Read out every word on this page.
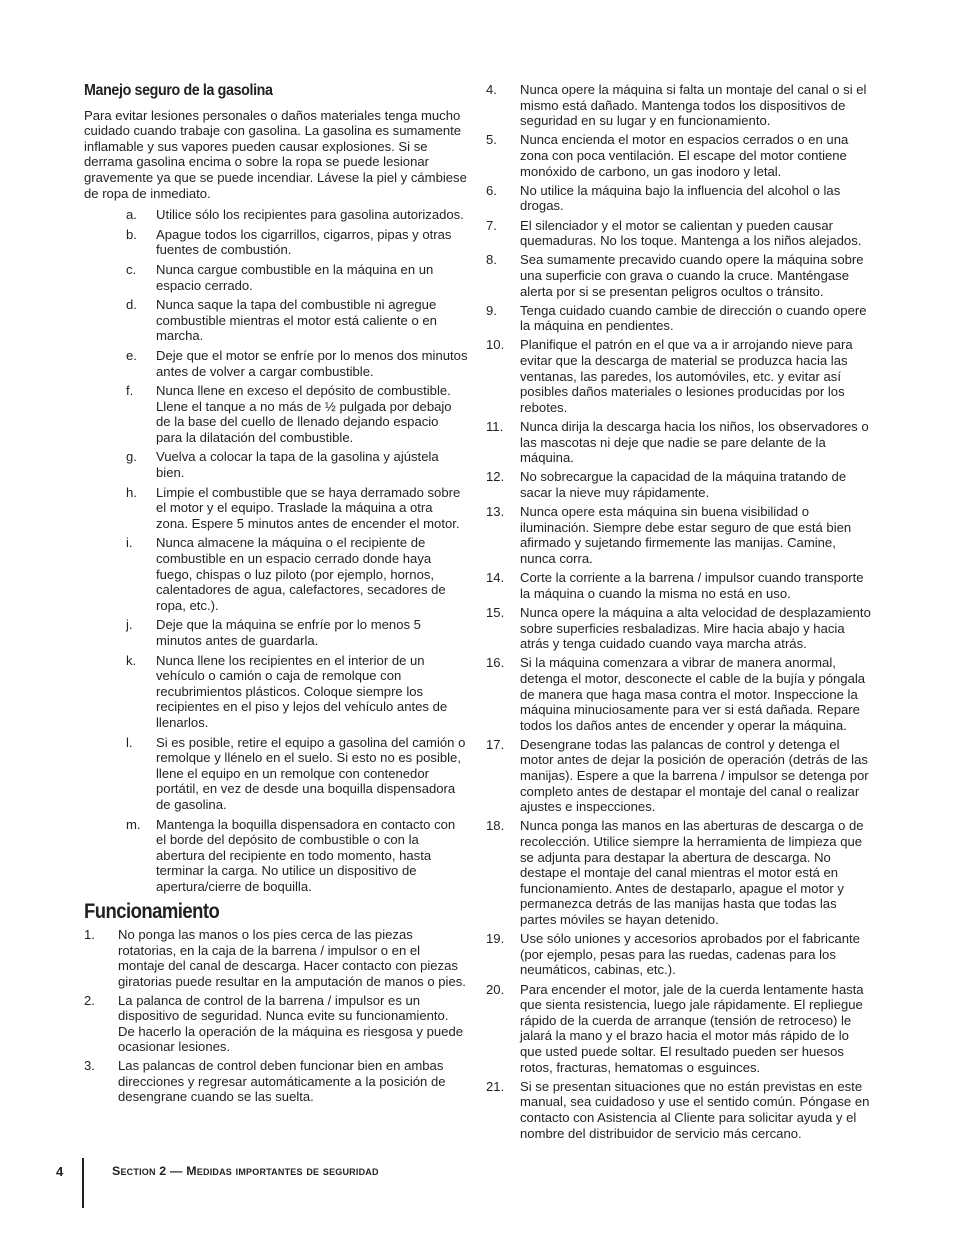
Manejo seguro de la gasolina

Para evitar lesiones personales o daños materiales tenga mucho cuidado cuando trabaje con gasolina. La gasolina es sumamente inflamable y sus vapores pueden causar explosiones. Si se derrama gasolina encima o sobre la ropa se puede lesionar gravemente ya que se puede incendiar. Lávese la piel y cámbiese de ropa de inmediato.

a.	Utilice sólo los recipientes para gasolina autorizados.
b.	Apague todos los cigarrillos, cigarros, pipas y otras fuentes de combustión.
c.	Nunca cargue combustible en la máquina en un espacio cerrado.
d.	Nunca saque la tapa del combustible ni agregue combustible mientras el motor está caliente o en marcha.
e.	Deje que el motor se enfríe por lo menos dos minutos antes de volver a cargar combustible.
f.	Nunca llene en exceso el depósito de combustible. Llene el tanque a no más de ½ pulgada por debajo de la base del cuello de llenado dejando espacio para la dilatación del combustible.
g.	Vuelva a colocar la tapa de la gasolina y ajústela bien.
h.	Limpie el combustible que se haya derramado sobre el motor y el equipo. Traslade la máquina a otra zona. Espere 5 minutos antes de encender el motor.
i.	Nunca almacene la máquina o el recipiente de combustible en un espacio cerrado donde haya fuego, chispas o luz piloto (por ejemplo, hornos, calentadores de agua, calefactores, secadores de ropa, etc.).
j.	Deje que la máquina se enfríe por lo menos 5 minutos antes de guardarla.
k.	Nunca llene los recipientes en el interior de un vehículo o camión o caja de remolque con recubrimientos plásticos. Coloque siempre los recipientes en el piso y lejos del vehículo antes de llenarlos.
l.	Si es posible, retire el equipo a gasolina del camión o remolque y llénelo en el suelo. Si esto no es posible, llene el equipo en un remolque con contenedor portátil, en vez de desde una boquilla dispensadora de gasolina.
m.	Mantenga la boquilla dispensadora en contacto con el borde del depósito de combustible o con la abertura del recipiente en todo momento, hasta terminar la carga. No utilice un dispositivo de apertura/cierre de boquilla.
Funcionamiento
1.	No ponga las manos o los pies cerca de las piezas rotatorias, en la caja de la barrena / impulsor o en el montaje del canal de descarga. Hacer contacto con piezas giratorias puede resultar en la amputación de manos o pies.
2.	La palanca de control de la barrena / impulsor es un dispositivo de seguridad. Nunca evite su funcionamiento. De hacerlo la operación de la máquina es riesgosa y puede ocasionar lesiones.
3.	Las palancas de control deben funcionar bien en ambas direcciones y regresar automáticamente a la posición de desengrane cuando se las suelta.
4.	Nunca opere la máquina si falta un montaje del canal o si el mismo está dañado. Mantenga todos los dispositivos de seguridad en su lugar y en funcionamiento.
5.	Nunca encienda el motor en espacios cerrados o en una zona con poca ventilación. El escape del motor contiene monóxido de carbono, un gas inodoro y letal.
6.	No utilice la máquina bajo la influencia del alcohol o las drogas.
7.	El silenciador y el motor se calientan y pueden causar quemaduras. No los toque. Mantenga a los niños alejados.
8.	Sea sumamente precavido cuando opere la máquina sobre una superficie con grava o cuando la cruce. Manténgase alerta por si se presentan peligros ocultos o tránsito.
9.	Tenga cuidado cuando cambie de dirección o cuando opere la máquina en pendientes.
10.	Planifique el patrón en el que va a ir arrojando nieve para evitar que la descarga de material se produzca hacia las ventanas, las paredes, los automóviles, etc. y evitar así posibles daños materiales o lesiones producidas por los rebotes.
11.	Nunca dirija la descarga hacia los niños, los observadores o las mascotas ni deje que nadie se pare delante de la máquina.
12.	No sobrecargue la capacidad de la máquina tratando de sacar la nieve muy rápidamente.
13.	Nunca opere esta máquina sin buena visibilidad o iluminación. Siempre debe estar seguro de que está bien afirmado y sujetando firmemente las manijas. Camine, nunca corra.
14.	Corte la corriente a la barrena / impulsor cuando transporte la máquina o cuando la misma no está en uso.
15.	Nunca opere la máquina a alta velocidad de desplazamiento sobre superficies resbaladizas. Mire hacia abajo y hacia atrás y tenga cuidado cuando vaya marcha atrás.
16.	Si la máquina comenzara a vibrar de manera anormal, detenga el motor, desconecte el cable de la bujía y póngala de manera que haga masa contra el motor. Inspeccione la máquina minuciosamente para ver si está dañada. Repare todos los daños antes de encender y operar la máquina.
17.	Desengrane todas las palancas de control y detenga el motor antes de dejar la posición de operación (detrás de las manijas). Espere a que la barrena / impulsor se detenga por completo antes de destapar el montaje del canal o realizar ajustes e inspecciones.
18.	Nunca ponga las manos en las aberturas de descarga o de recolección. Utilice siempre la herramienta de limpieza que se adjunta para destapar la abertura de descarga. No destape el montaje del canal mientras el motor está en funcionamiento. Antes de destaparlo, apague el motor y permanezca detrás de las manijas hasta que todas las partes móviles se hayan detenido.
19.	Use sólo uniones y accesorios aprobados por el fabricante (por ejemplo, pesas para las ruedas, cadenas para los neumáticos, cabinas, etc.).
20.	Para encender el motor, jale de la cuerda lentamente hasta que sienta resistencia, luego jale rápidamente. El repliegue rápido de la cuerda de arranque (tensión de retroceso) le jalará la mano y el brazo hacia el motor más rápido de lo que usted puede soltar. El resultado pueden ser huesos rotos, fracturas, hematomas o esguinces.
21.	Si se presentan situaciones que no están previstas en este manual, sea cuidadoso y use el sentido común. Póngase en contacto con Asistencia al Cliente para solicitar ayuda y el nombre del distribuidor de servicio más cercano.
4	Section 2 — Medidas importantes de seguridad
